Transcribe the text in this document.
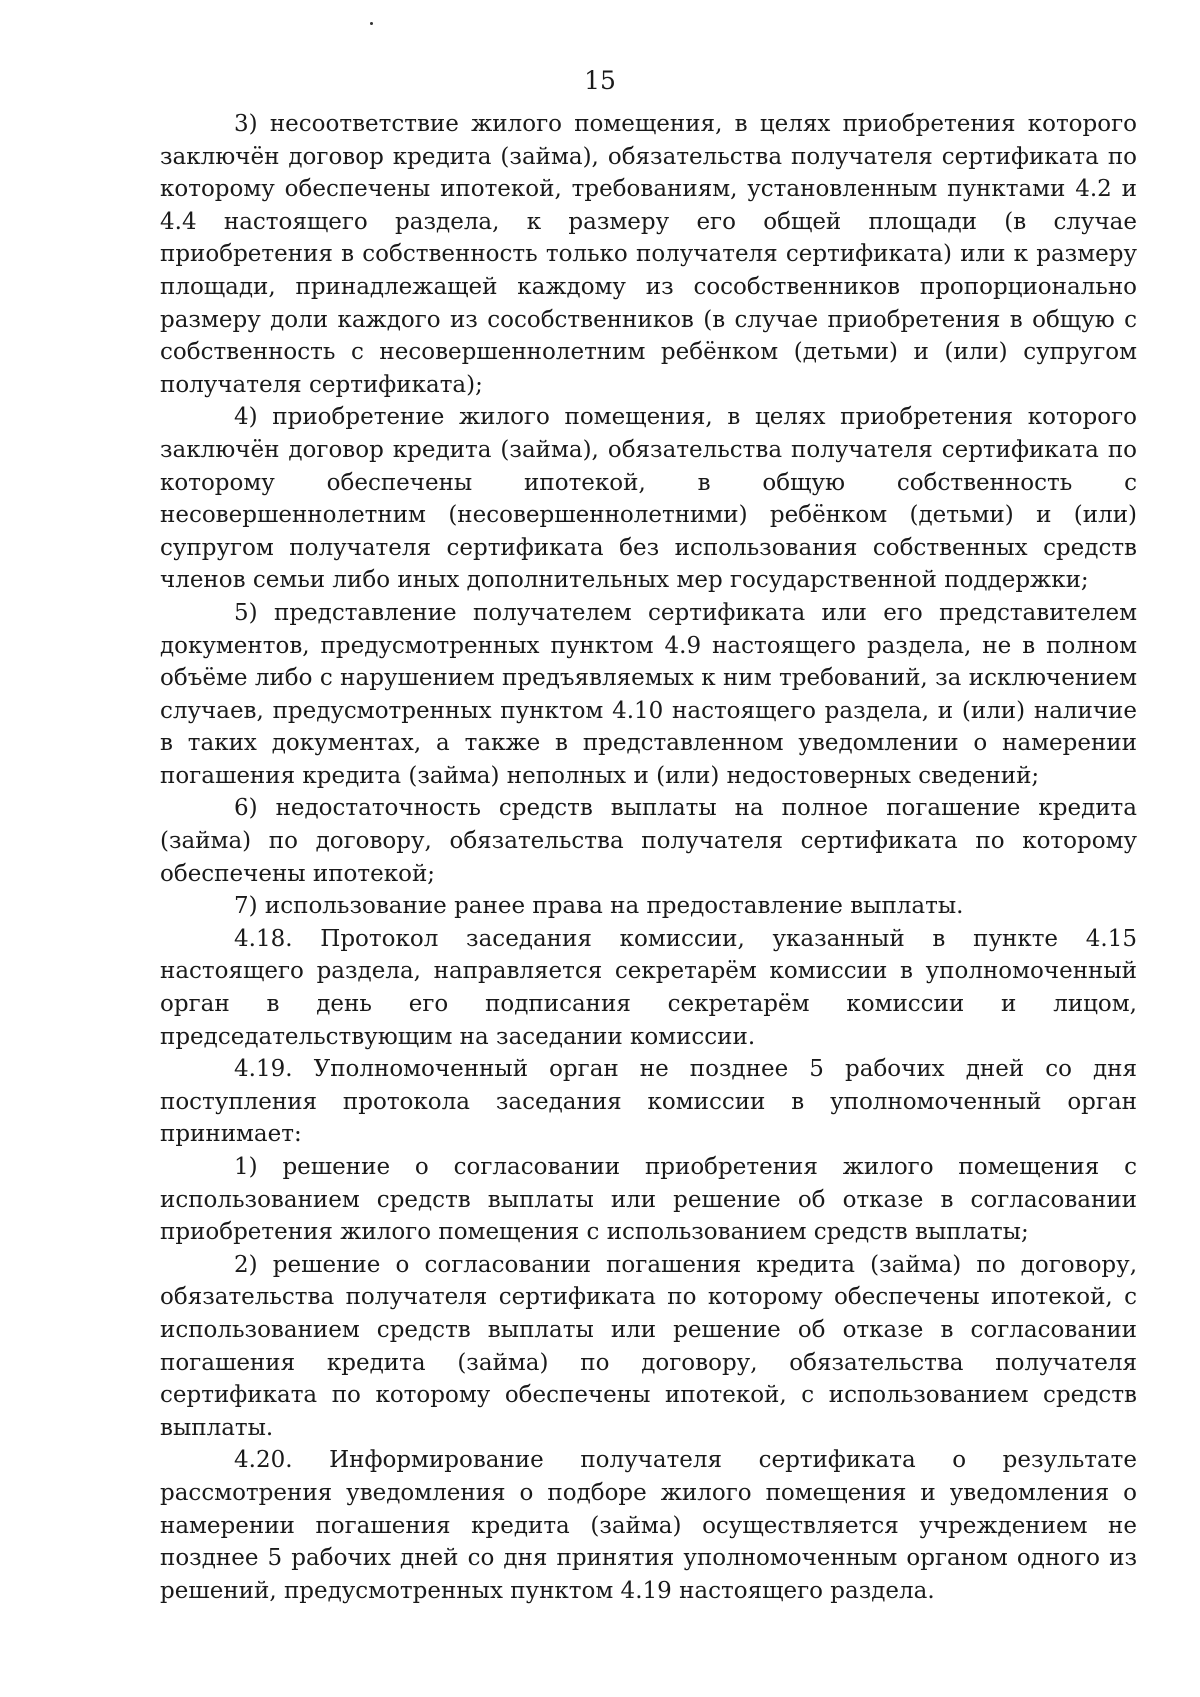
15

3) несоответствие жилого помещения, в целях приобретения которого заключён договор кредита (займа), обязательства получателя сертификата по которому обеспечены ипотекой, требованиям, установленным пунктами 4.2 и 4.4 настоящего раздела, к размеру его общей площади (в случае приобретения в собственность только получателя сертификата) или к размеру площади, принадлежащей каждому из сособственников пропорционально размеру доли каждого из сособственников (в случае приобретения в общую с собственность с несовершеннолетним ребёнком (детьми) и (или) супругом получателя сертификата);

4) приобретение жилого помещения, в целях приобретения которого заключён договор кредита (займа), обязательства получателя сертификата по которому обеспечены ипотекой, в общую собственность с несовершеннолетним (несовершеннолетними) ребёнком (детьми) и (или) супругом получателя сертификата без использования собственных средств членов семьи либо иных дополнительных мер государственной поддержки;

5) представление получателем сертификата или его представителем документов, предусмотренных пунктом 4.9 настоящего раздела, не в полном объёме либо с нарушением предъявляемых к ним требований, за исключением случаев, предусмотренных пунктом 4.10 настоящего раздела, и (или) наличие в таких документах, а также в представленном уведомлении о намерении погашения кредита (займа) неполных и (или) недостоверных сведений;

6) недостаточность средств выплаты на полное погашение кредита (займа) по договору, обязательства получателя сертификата по которому обеспечены ипотекой;

7) использование ранее права на предоставление выплаты.

4.18. Протокол заседания комиссии, указанный в пункте 4.15 настоящего раздела, направляется секретарём комиссии в уполномоченный орган в день его подписания секретарём комиссии и лицом, председательствующим на заседании комиссии.

4.19. Уполномоченный орган не позднее 5 рабочих дней со дня поступления протокола заседания комиссии в уполномоченный орган принимает:

1) решение о согласовании приобретения жилого помещения с использованием средств выплаты или решение об отказе в согласовании приобретения жилого помещения с использованием средств выплаты;

2) решение о согласовании погашения кредита (займа) по договору, обязательства получателя сертификата по которому обеспечены ипотекой, с использованием средств выплаты или решение об отказе в согласовании погашения кредита (займа) по договору, обязательства получателя сертификата по которому обеспечены ипотекой, с использованием средств выплаты.

4.20. Информирование получателя сертификата о результате рассмотрения уведомления о подборе жилого помещения и уведомления о намерении погашения кредита (займа) осуществляется учреждением не позднее 5 рабочих дней со дня принятия уполномоченным органом одного из решений, предусмотренных пунктом 4.19 настоящего раздела.
